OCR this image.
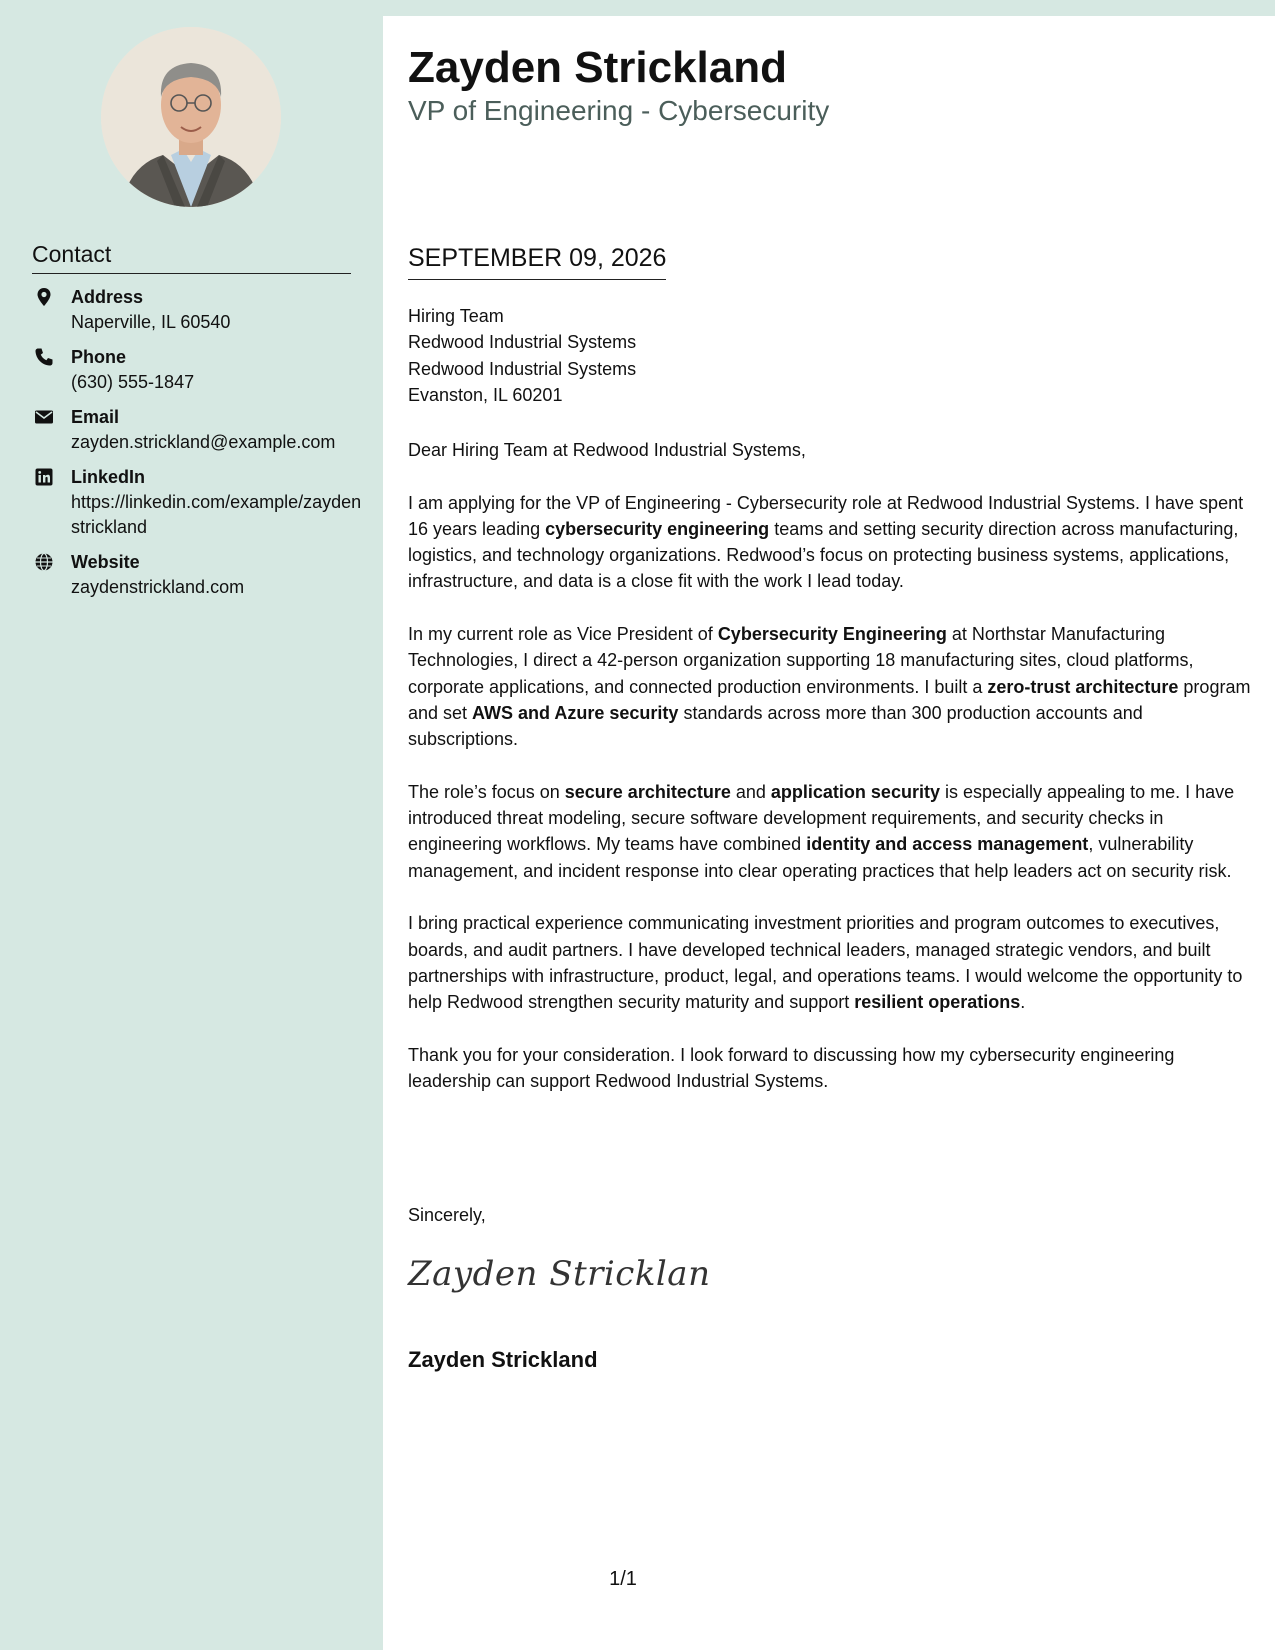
Contact
Address
Naperville, IL 60540
Phone
(630) 555-1847
Email
zayden.strickland@example.com
LinkedIn
https://linkedin.com/example/zaydenstrickland
Website
zaydenstrickland.com
Zayden Strickland
VP of Engineering - Cybersecurity
SEPTEMBER 09, 2026
Hiring Team
Redwood Industrial Systems
Redwood Industrial Systems
Evanston, IL 60201

Dear Hiring Team at Redwood Industrial Systems,

I am applying for the VP of Engineering - Cybersecurity role at Redwood Industrial Systems. I have spent 16 years leading cybersecurity engineering teams and setting security direction across manufacturing, logistics, and technology organizations. Redwood’s focus on protecting business systems, applications, infrastructure, and data is a close fit with the work I lead today.

In my current role as Vice President of Cybersecurity Engineering at Northstar Manufacturing Technologies, I direct a 42-person organization supporting 18 manufacturing sites, cloud platforms, corporate applications, and connected production environments. I built a zero-trust architecture program and set AWS and Azure security standards across more than 300 production accounts and subscriptions.

The role’s focus on secure architecture and application security is especially appealing to me. I have introduced threat modeling, secure software development requirements, and security checks in engineering workflows. My teams have combined identity and access management, vulnerability management, and incident response into clear operating practices that help leaders act on security risk.

I bring practical experience communicating investment priorities and program outcomes to executives, boards, and audit partners. I have developed technical leaders, managed strategic vendors, and built partnerships with infrastructure, product, legal, and operations teams. I would welcome the opportunity to help Redwood strengthen security maturity and support resilient operations.

Thank you for your consideration. I look forward to discussing how my cybersecurity engineering leadership can support Redwood Industrial Systems.

Sincerely,
Zayden Stricklan
Zayden Strickland
1/1
